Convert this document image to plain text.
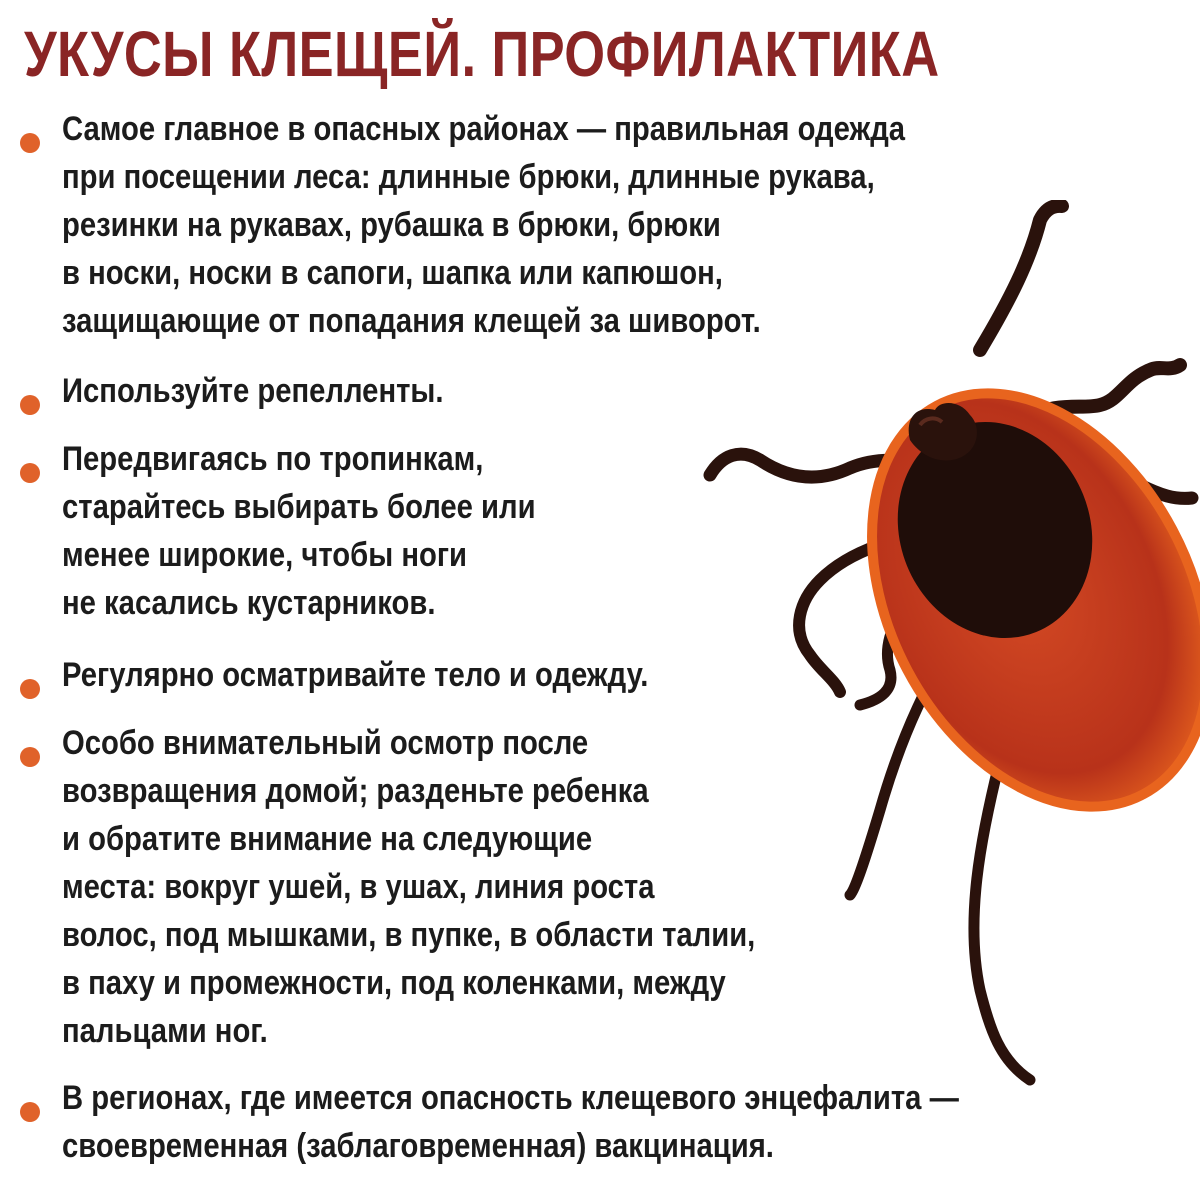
УКУСЫ КЛЕЩЕЙ. ПРОФИЛАКТИКА

Самое главное в опасных районах — правильная одежда
при посещении леса: длинные брюки, длинные рукава,
резинки на рукавах, рубашка в брюки, брюки
в носки, носки в сапоги, шапка или капюшон,
защищающие от попадания клещей за шиворот.

Используйте репелленты.

Передвигаясь по тропинкам,
старайтесь выбирать более или
менее широкие, чтобы ноги
не касались кустарников.

Регулярно осматривайте тело и одежду.

Особо внимательный осмотр после
возвращения домой; разденьте ребенка
и обратите внимание на следующие
места: вокруг ушей, в ушах, линия роста
волос, под мышками, в пупке, в области талии,
в паху и промежности, под коленками, между
пальцами ног.

В регионах, где имеется опасность клещевого энцефалита —
своевременная (заблаговременная) вакцинация.
